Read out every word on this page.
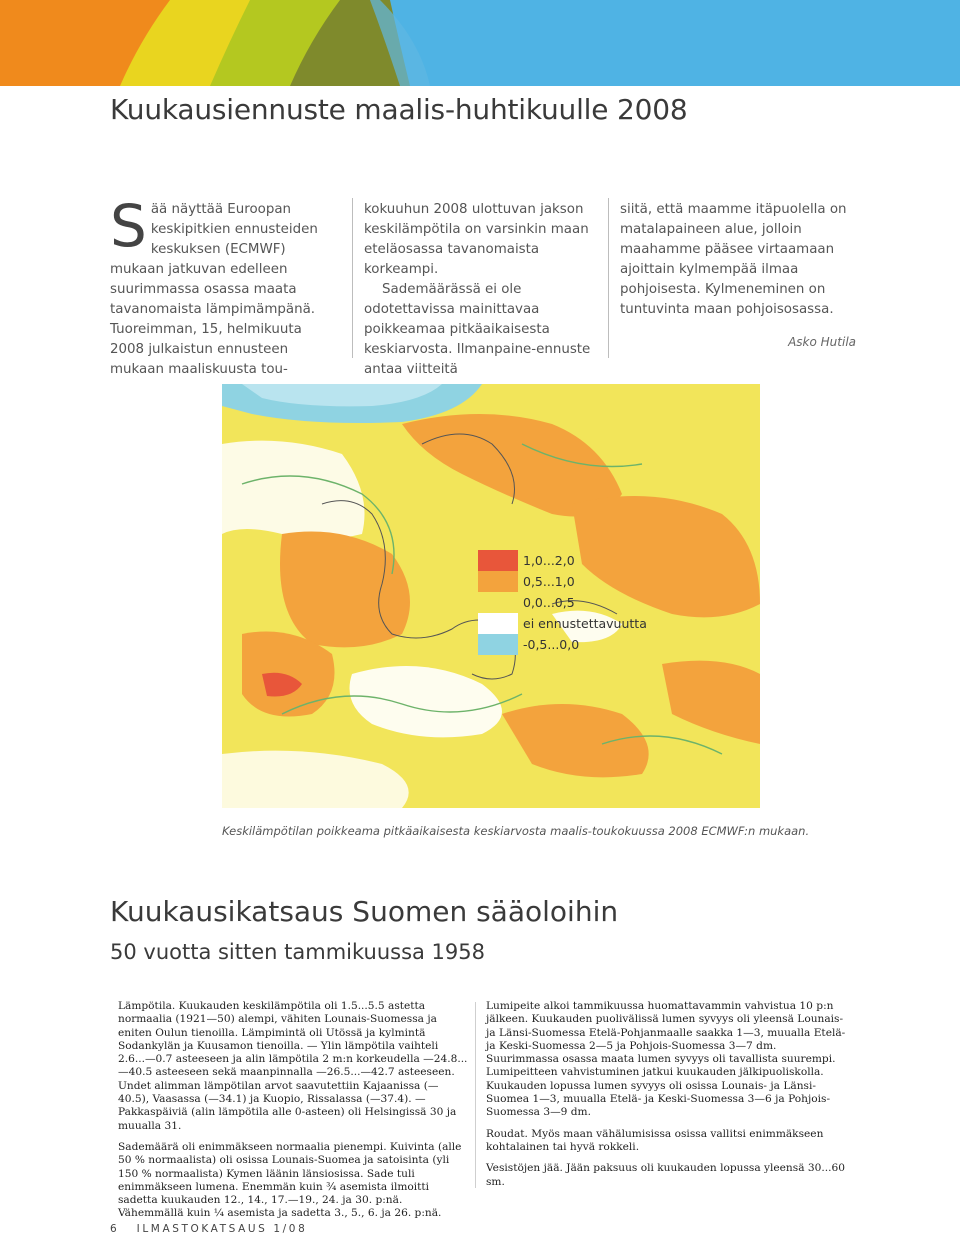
Kuukausiennuste maalis-huhtikuulle 2008
S ää näyttää Euroopan keskipitkien ennusteiden keskuksen (ECMWF) mukaan jatkuvan edelleen suurimmassa osassa maata tavanomaista lämpimämpänä. Tuoreimman, 15, helmikuuta 2008 julkaistun ennusteen mukaan maaliskuusta tou-

kokuuhun 2008 ulottuvan jakson keskilämpötila on varsinkin maan eteläosassa tavanomaista korkeampi.

Sademäärässä ei ole odotettavissa mainittavaa poikkeamaa pitkäaikaisesta keskiarvosta. Ilmanpaine-ennuste antaa viitteitä

siitä, että maamme itäpuolella on matalapaineen alue, jolloin maahamme pääsee virtaamaan ajoittain kylmempää ilmaa pohjoisesta. Kylmeneminen on tuntuvinta maan pohjoisosassa.

Asko Hutila
1,0...2,0
0,5...1,0
0,0...0,5
ei ennustettavuutta
-0,5...0,0
Keskilämpötilan poikkeama pitkäaikaisesta keskiarvosta maalis-toukokuussa 2008 ECMWF:n mukaan.
Kuukausikatsaus Suomen sääoloihin
50 vuotta sitten tammikuussa 1958

Lämpötila. Kuukauden keskilämpötila oli 1.5...5.5 astetta normaalia (1921—50) alempi, vähiten Lounais-Suomessa ja eniten Oulun tienoilla. Lämpimintä oli Utössä ja kylmintä Sodankylän ja Kuusamon tienoilla. — Ylin lämpötila vaihteli 2.6...—0.7 asteeseen ja alin lämpötila 2 m:n korkeudella —24.8...—40.5 asteeseen sekä maanpinnalla —26.5...—42.7 asteeseen. Undet alimman lämpötilan arvot saavutettiin Kajaanissa (—40.5), Vaasassa (—34.1) ja Kuopio, Rissalassa (—37.4). — Pakkaspäiviä (alin lämpötila alle 0-asteen) oli Helsingissä 30 ja muualla 31.

Sademäärä oli enimmäkseen normaalia pienempi. Kuivinta (alle 50 % normaalista) oli osissa Lounais-Suomea ja satoisinta (yli 150 % normaalista) Kymen läänin länsiosissa. Sade tuli enimmäkseen lumena. Enemmän kuin ¾ asemista ilmoitti sadetta kuukauden 12., 14., 17.—19., 24. ja 30. p:nä. Vähemmällä kuin ¼ asemista ja sadetta 3., 5., 6. ja 26. p:nä.

Lumipeite alkoi tammikuussa huomattavammin vahvistua 10 p:n jälkeen. Kuukauden puolivälissä lumen syvyys oli yleensä Lounais- ja Länsi-Suomessa Etelä-Pohjanmaalle saakka 1—3, muualla Etelä- ja Keski-Suomessa 2—5 ja Pohjois-Suomessa 3—7 dm. Suurimmassa osassa maata lumen syvyys oli tavallista suurempi. Lumipeitteen vahvistuminen jatkui kuukauden jälkipuoliskolla. Kuukauden lopussa lumen syvyys oli osissa Lounais- ja Länsi-Suomea 1—3, muualla Etelä- ja Keski-Suomessa 3—6 ja Pohjois-Suomessa 3—9 dm.

Roudat. Myös maan vähälumisissa osissa vallitsi enimmäkseen kohtalainen tai hyvä rokkeli.

Vesistöjen jää. Jään paksuus oli kuukauden lopussa yleensä 30...60 sm.

6 ILMASTOKATSAUS 1/08
